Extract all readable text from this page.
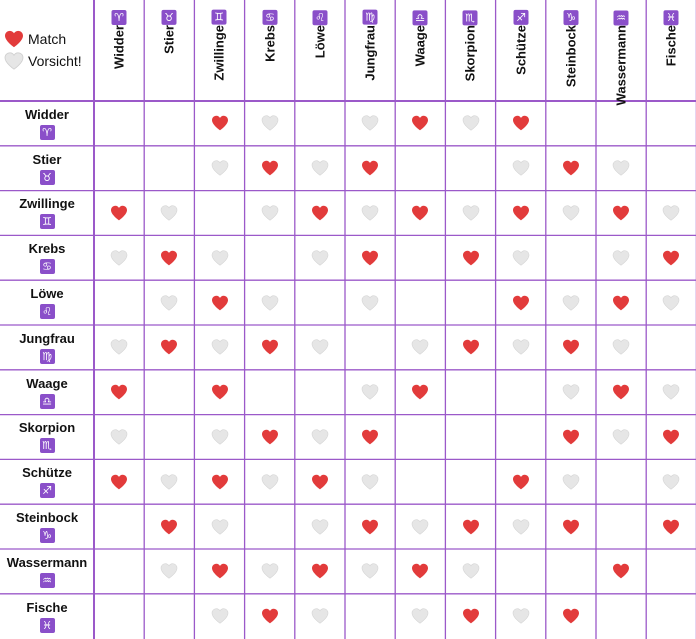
Match
Vorsicht!
♈
Widder
Widder
♈
♉
Stier
Stier
♉
♊
Zwillinge
Zwillinge
♊
♋
Krebs
Krebs
♋
♌
Löwe
Löwe
♌
♍
Jungfrau
Jungfrau
♍
♎
Waage
Waage
♎
♏
Skorpion
Skorpion
♏
♐
Schütze
Schütze
♐
♑
Steinbock
Steinbock
♑
♒
Wassermann
Wassermann
♒
♓
Fische
Fische
♓
